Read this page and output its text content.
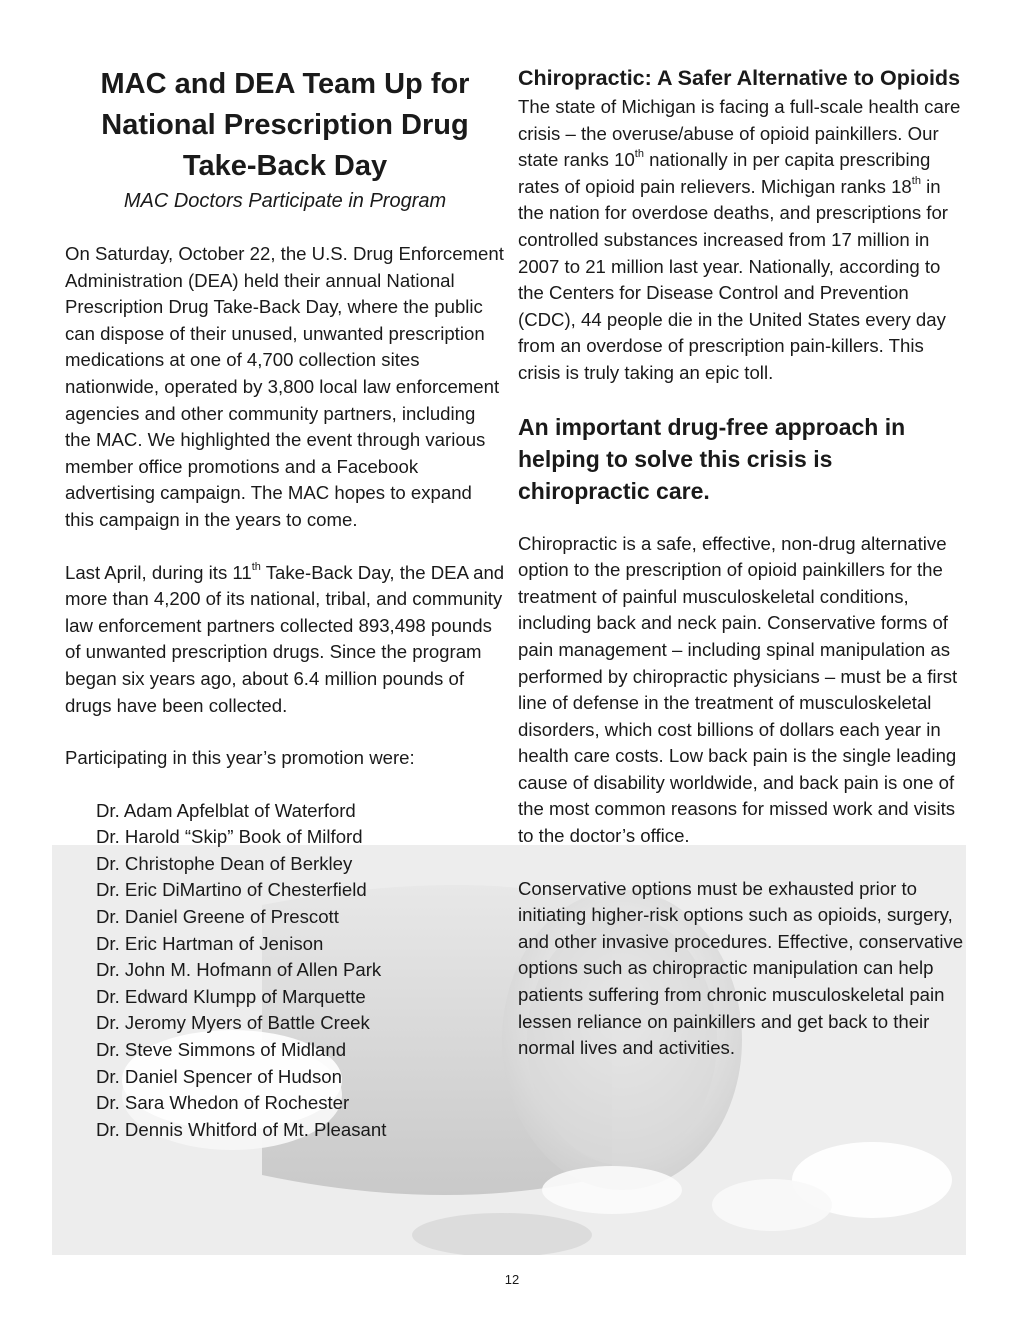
MAC and DEA Team Up for National Prescription Drug Take-Back Day
MAC Doctors Participate in Program

On Saturday, October 22, the U.S. Drug Enforcement Administration (DEA) held their annual National Prescription Drug Take-Back Day, where the public can dispose of their unused, unwanted prescription medications at one of 4,700 collection sites nationwide, operated by 3,800 local law enforcement agencies and other community partners, including the MAC. We highlighted the event through various member office promotions and a Facebook advertising campaign. The MAC hopes to expand this campaign in the years to come.

Last April, during its 11th Take-Back Day, the DEA and more than 4,200 of its national, tribal, and community law enforcement partners collected 893,498 pounds of unwanted prescription drugs. Since the program began six years ago, about 6.4 million pounds of drugs have been collected.

Participating in this year’s promotion were:

Dr. Adam Apfelblat of Waterford
Dr. Harold “Skip” Book of Milford
Dr. Christophe Dean of Berkley
Dr. Eric DiMartino of Chesterfield
Dr. Daniel Greene of Prescott
Dr. Eric Hartman of Jenison
Dr. John M. Hofmann of Allen Park
Dr. Edward Klumpp of Marquette
Dr. Jeromy Myers of Battle Creek
Dr. Steve Simmons of Midland
Dr. Daniel Spencer of Hudson
Dr. Sara Whedon of Rochester
Dr. Dennis Whitford of Mt. Pleasant
Chiropractic: A Safer Alternative to Opioids

The state of Michigan is facing a full-scale health care crisis – the overuse/abuse of opioid painkillers. Our state ranks 10th nationally in per capita prescribing rates of opioid pain relievers. Michigan ranks 18th in the nation for overdose deaths, and prescriptions for controlled substances increased from 17 million in 2007 to 21 million last year. Nationally, according to the Centers for Disease Control and Prevention (CDC), 44 people die in the United States every day from an overdose of prescription pain-killers. This crisis is truly taking an epic toll.

An important drug-free approach in helping to solve this crisis is chiropractic care.

Chiropractic is a safe, effective, non-drug alternative option to the prescription of opioid painkillers for the treatment of painful musculoskeletal conditions, including back and neck pain. Conservative forms of pain management – including spinal manipulation as performed by chiropractic physicians – must be a first line of defense in the treatment of musculoskeletal disorders, which cost billions of dollars each year in health care costs. Low back pain is the single leading cause of disability worldwide, and back pain is one of the most common reasons for missed work and visits to the doctor’s office.

Conservative options must be exhausted prior to initiating higher-risk options such as opioids, surgery, and other invasive procedures. Effective, conservative options such as chiropractic manipulation can help patients suffering from chronic musculoskeletal pain lessen reliance on painkillers and get back to their normal lives and activities.

12
